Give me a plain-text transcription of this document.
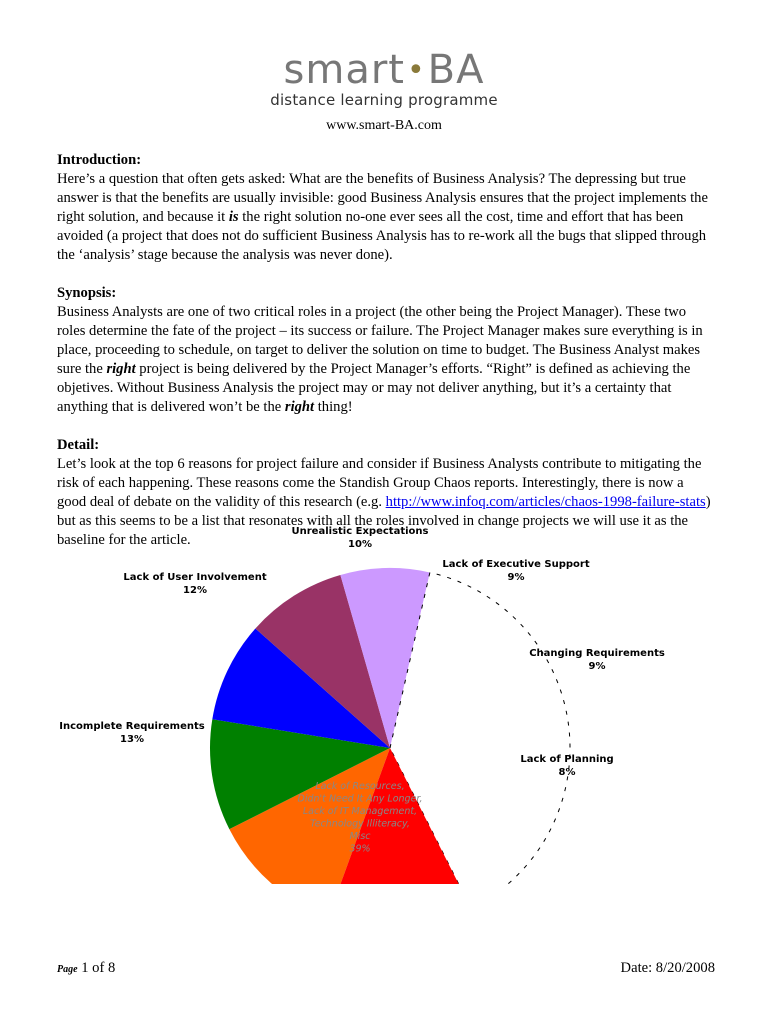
smart•BA
distance learning programme
www.smart-BA.com
Introduction:

Here’s a question that often gets asked: What are the benefits of Business Analysis? The depressing but true answer is that the benefits are usually invisible: good Business Analysis ensures that the project implements the right solution, and because it is the right solution no-one ever sees all the cost, time and effort that has been avoided (a project that does not do sufficient Business Analysis has to re-work all the bugs that slipped through the ‘analysis’ stage because the analysis was never done).

Synopsis:

Business Analysts are one of two critical roles in a project (the other being the Project Manager). These two roles determine the fate of the project – its success or failure. The Project Manager makes sure everything is in place, proceeding to schedule, on target to deliver the solution on time to budget. The Business Analyst makes sure the right project is being delivered by the Project Manager’s efforts. “Right” is defined as achieving the objetives. Without Business Analysis the project may or may not deliver anything, but it’s a certainty that anything that is delivered won’t be the right thing!

Detail:

Let’s look at the top 6 reasons for project failure and consider if Business Analysts contribute to mitigating the risk of each happening. These reasons come the Standish Group Chaos reports. Interestingly, there is now a good deal of debate on the validity of this research (e.g. http://www.infoq.com/articles/chaos-1998-failure-stats) but as this seems to be a list that resonates with all the roles involved in change projects we will use it as the baseline for the article.

Lack of User Involvement 12%
Unrealistic Expectations 10%
Lack of Executive Support 9%
Changing Requirements 9%
Lack of Planning 8%
Lack of Resources, Didn't Need It Any Longer, Lack of IT Management, Technology Illiteracy, Misc 39%
Incomplete Requirements 13%
Page 1 of 8	Date: 8/20/2008
